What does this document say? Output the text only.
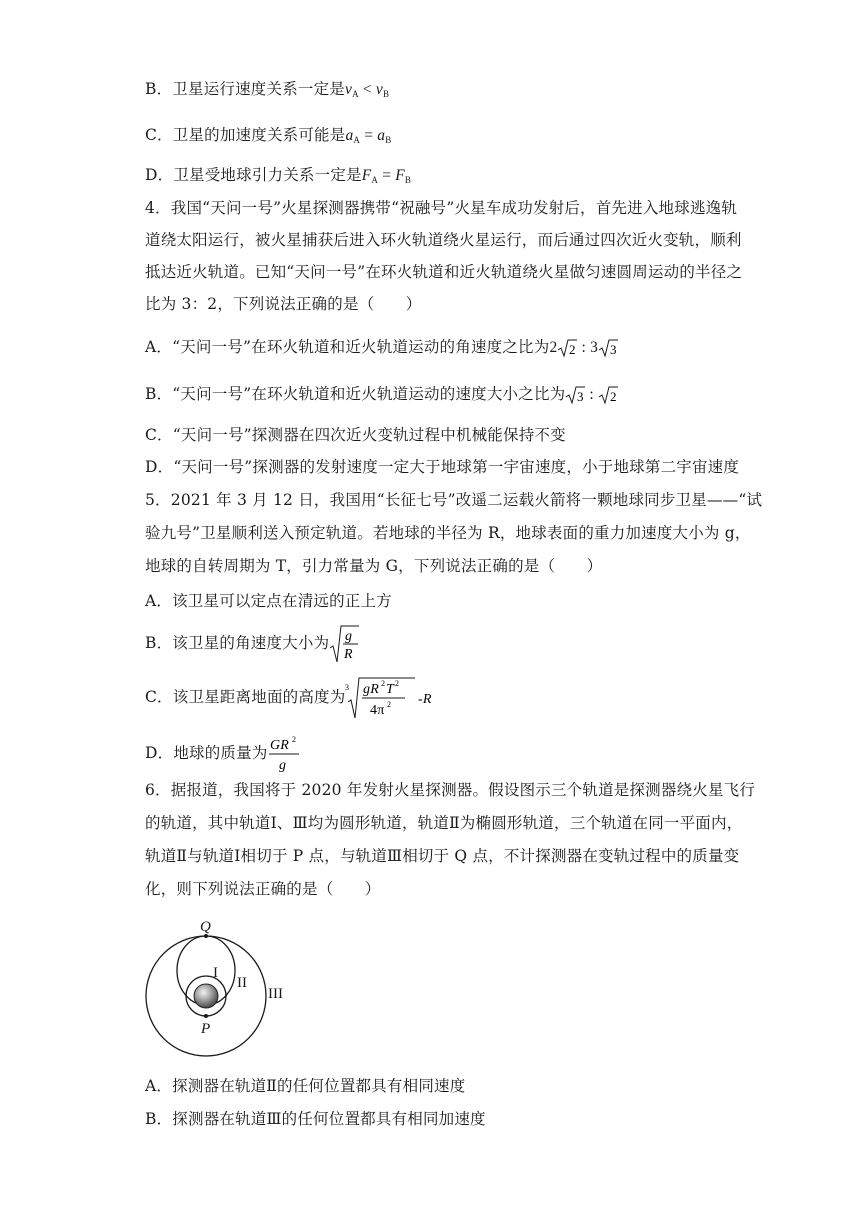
B．卫星运行速度关系一定是$v_A < v_B$
C．卫星的加速度关系可能是$a_A = a_B$
D．卫星受地球引力关系一定是$F_A = F_B$
4．我国“天问一号”火星探测器携带“祝融号”火星车成功发射后，首先进入地球逃逸轨
道绕太阳运行，被火星捕获后进入环火轨道绕火星运行，而后通过四次近火变轨，顺利
抵达近火轨道。已知“天问一号”在环火轨道和近火轨道绕火星做匀速圆周运动的半径之
比为 3：2，下列说法正确的是（　　）
A．“天问一号”在环火轨道和近火轨道运动的角速度之比为2 2 : 3 3
B．“天问一号”在环火轨道和近火轨道运动的速度大小之比为 3 : 2
C．“天问一号”探测器在四次近火变轨过程中机械能保持不变
D．“天问一号”探测器的发射速度一定大于地球第一宇宙速度，小于地球第二宇宙速度
5．2021 年 3 月 12 日，我国用“长征七号”改遥二运载火箭将一颗地球同步卫星——“试
验九号”卫星顺利送入预定轨道。若地球的半径为 R，地球表面的重力加速度大小为 g，
地球的自转周期为 T，引力常量为 G，下列说法正确的是（　　）
A．该卫星可以定点在清远的正上方
B．该卫星的角速度大小为 g
R
C．该卫星距离地面的高度为
3 gR 2 T 2
4π 2 -R
D．地球的质量为 GR 2
g
6．据报道，我国将于 2020 年发射火星探测器。假设图示三个轨道是探测器绕火星飞行
的轨道，其中轨道Ⅰ、Ⅲ均为圆形轨道，轨道Ⅱ为椭圆形轨道，三个轨道在同一平面内，
轨道Ⅱ与轨道Ⅰ相切于 P 点，与轨道Ⅲ相切于 Q 点，不计探测器在变轨过程中的质量变
化，则下列说法正确的是（　　）
Q
P
I
II
III
A．探测器在轨道Ⅱ的任何位置都具有相同速度
B．探测器在轨道Ⅲ的任何位置都具有相同加速度
